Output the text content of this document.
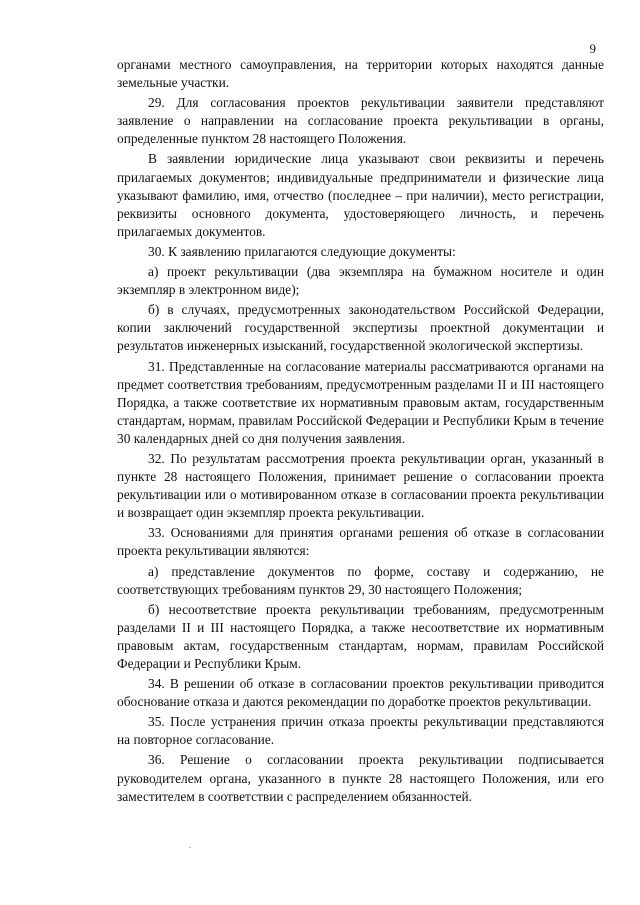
9

органами местного самоуправления, на территории которых находятся данные земельные участки.

29. Для согласования проектов рекультивации заявители представляют заявление о направлении на согласование проекта рекультивации в органы, определенные пунктом 28 настоящего Положения.

В заявлении юридические лица указывают свои реквизиты и перечень прилагаемых документов; индивидуальные предприниматели и физические лица указывают фамилию, имя, отчество (последнее – при наличии), место регистрации, реквизиты основного документа, удостоверяющего личность, и перечень прилагаемых документов.

30. К заявлению прилагаются следующие документы:

а) проект рекультивации (два экземпляра на бумажном носителе и один экземпляр в электронном виде);

б) в случаях, предусмотренных законодательством Российской Федерации, копии заключений государственной экспертизы проектной документации и результатов инженерных изысканий, государственной экологической экспертизы.

31. Представленные на согласование материалы рассматриваются органами на предмет соответствия требованиям, предусмотренным разделами II и III настоящего Порядка, а также соответствие их нормативным правовым актам, государственным стандартам, нормам, правилам Российской Федерации и Республики Крым в течение 30 календарных дней со дня получения заявления.

32. По результатам рассмотрения проекта рекультивации орган, указанный в пункте 28 настоящего Положения, принимает решение о согласовании проекта рекультивации или о мотивированном отказе в согласовании проекта рекультивации и возвращает один экземпляр проекта рекультивации.

33. Основаниями для принятия органами решения об отказе в согласовании проекта рекультивации являются:

а) представление документов по форме, составу и содержанию, не соответствующих требованиям пунктов 29, 30 настоящего Положения;

б) несоответствие проекта рекультивации требованиям, предусмотренным разделами II и III настоящего Порядка, а также несоответствие их нормативным правовым актам, государственным стандартам, нормам, правилам Российской Федерации и Республики Крым.

34. В решении об отказе в согласовании проектов рекультивации приводится обоснование отказа и даются рекомендации по доработке проектов рекультивации.

35. После устранения причин отказа проекты рекультивации представляются на повторное согласование.

36. Решение о согласовании проекта рекультивации подписывается руководителем органа, указанного в пункте 28 настоящего Положения, или его заместителем в соответствии с распределением обязанностей.
